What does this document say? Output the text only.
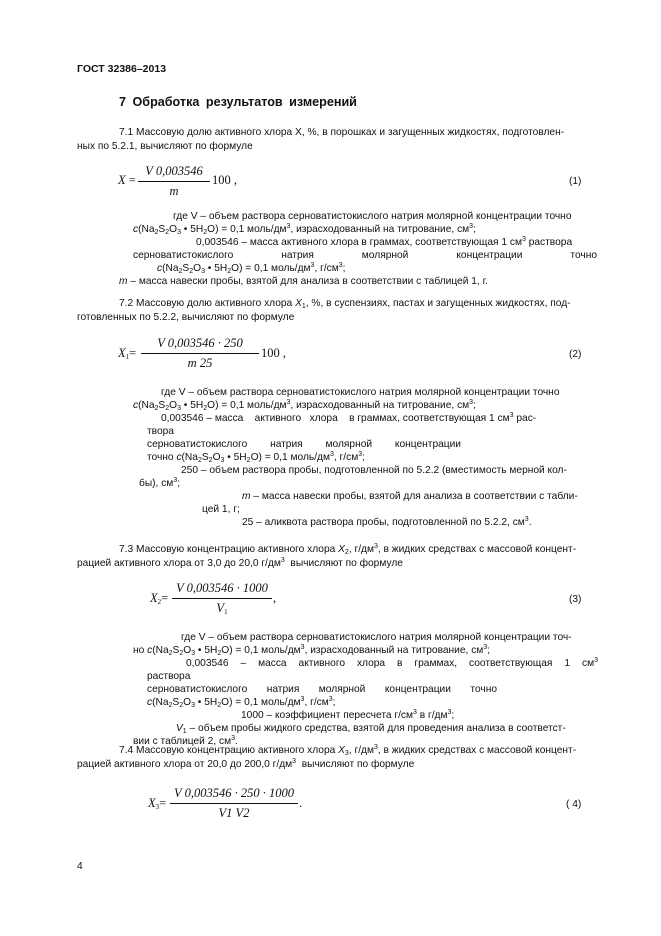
ГОСТ 32386–2013
7 Обработка результатов измерений
7.1 Массовую долю активного хлора X, %, в порошках и загущенных жидкостях, подготовлен-
ных по 5.2.1, вычисляют по формуле
X =
V 0,003546
m
100 ,	(1)
где V – объем раствора серноватистокислого натрия молярной концентрации точно
$c(Na_2S_2O_3$ • $5H_2O) = 0,1$ моль/$дм^3$, израсходованный на титрование, $см^3$;
0,003546 – масса активного хлора в граммах, соответствующая 1 $см^3$ раствора
серноватистокислого натрия молярной концентрации точно
$c(Na_2S_2O_3$ • $5H_2O) = 0,1$ моль/$дм^3$, $г/см^3$;
m – масса навески пробы, взятой для анализа в соответствии с таблицей 1, г.
7.2 Массовую долю активного хлора $X_1$, %, в суспензиях, пастах и загущенных жидкостях, под-
готовленных по 5.2.2, вычисляют по формуле
$X_1=$
V 0,003546 · 250
m 25
100 ,	(2)
где V – объем раствора серноватистокислого натрия молярной концентрации точно
$c(Na_2S_2O_3$ • $5H_2O) = 0,1$ моль/$дм^3$, израсходованный на титрование, $см^3$;
0,003546 – масса    активного   хлора    в граммах, соответствующая 1 $см^3$ рас-
твора
серноватистокислого натрия молярной концентрации
точно $c(Na_2S_2O_3$ • $5H_2O) = 0,1$ моль/$дм^3$, $г/см^3$;
250 – объем раствора пробы, подготовленной по 5.2.2 (вместимость мерной кол-
бы), $см^3$;
m – масса навески пробы, взятой для анализа в соответствии с табли-
цей 1, г;
25 – аликвота раствора пробы, подготовленной по 5.2.2, $см^3$.
7.3 Массовую концентрацию активного хлора $X_2$, $г/дм^3$, в жидких средствах с массовой концент-
рацией активного хлора от 3,0 до 20,0 $г/дм^3$  вычисляют по формуле
$X_2=$
V 0,003546 · 1000
$V_1$
,	(3)
где V – объем раствора серноватистокислого натрия молярной концентрации точ-
но $c(Na_2S_2O_3$ • $5H_2O) = 0,1$ моль/$дм^3$, израсходованный на титрование, $см^3$;
0,003546 – масса активного хлора в граммах, соответствующая 1 $см^3$
раствора
серноватистокислого натрия молярной концентрации точно
$c(Na_2S_2O_3$ • $5H_2O) = 0,1$ моль/$дм^3$, $г/см^3$;
1000 – коэффициент пересчета $г/см^3$ в $г/дм^3$;
$V_1$ – объем пробы жидкого средства, взятой для проведения анализа в соответст-
вии с таблицей 2, $см^3$.
7.4 Массовую концентрацию активного хлора $X_3$, $г/дм^3$, в жидких средствах с массовой концент-
рацией активного хлора от 20,0 до 200,0 $г/дм^3$  вычисляют по формуле
$X_3=$
V 0,003546 · 250 · 1000
V1 V2
.	( 4)
4
